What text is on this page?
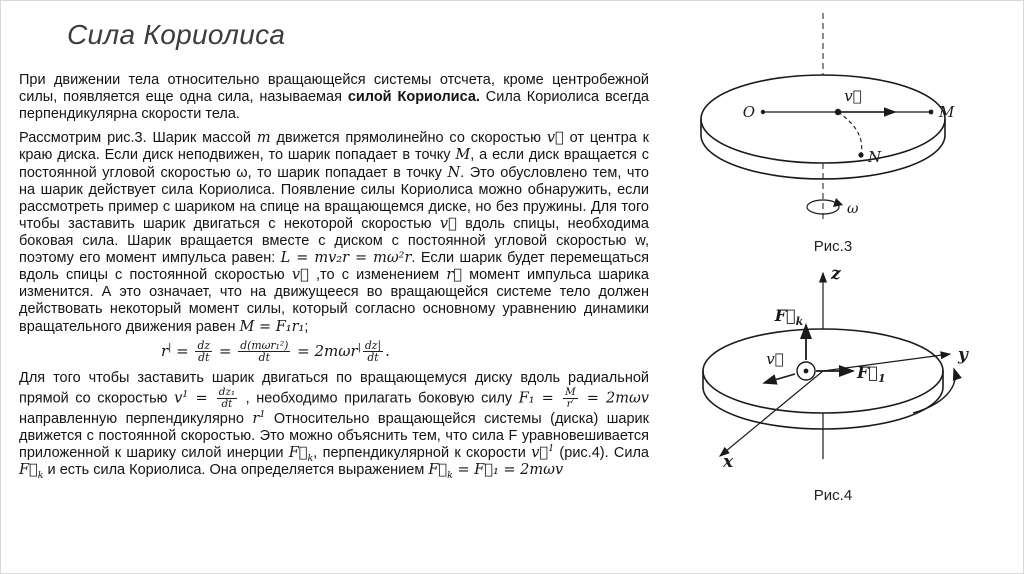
Сила Кориолиса

При движении тела относительно вращающейся системы отсчета, кроме центробежной силы, появляется еще одна сила, называемая силой Кориолиса. Сила Кориолиса всегда перпендикулярна скорости тела.

Рассмотрим рис.3. Шарик массой m движется прямолинейно со скоростью v⃗ от центра к краю диска. Если диск неподвижен, то шарик попадает в точку M, а если диск вращается с постоянной угловой скоростью ω, то шарик попадает в точку N. Это обусловлено тем, что на шарик действует сила Кориолиса. Появление силы Кориолиса можно обнаружить, если рассмотреть пример с шариком на спице на вращающемся диске, но без пружины. Для того чтобы заставить шарик двигаться с некоторой скоростью v⃗ вдоль спицы, необходима боковая сила. Шарик вращается вместе с диском с постоянной угловой скоростью w, поэтому его момент импульса равен: L = mv₂r = mω²r. Если шарик будет перемещаться вдоль спицы с постоянной скоростью v⃗ ,то с изменением r⃗ момент импульса шарика изменится. А это означает, что на движущееся во вращающейся системе тело должен действовать некоторый момент силы, который согласно основному уравнению динамики вращательного движения равен M = F₁r₁;

$r^| = \frac{dz}{dt} = \frac{\text{d(mωr₁²)}}{dt} = 2m\omega r^| \frac{dz|}{dt}$ .

Для того чтобы заставить шарик двигаться по вращающемуся диску вдоль радиальной прямой со скоростью $v^1 = \frac{\text{dz₁}}{dt}$ , необходимо прилагать боковую силу $F_1 = \frac{M}{r'} = 2m\omega v$ направленную перпендикулярно $r^1$ Относительно вращающейся системы (диска) шарик движется с постоянной скоростью. Это можно объяснить тем, что сила F уравновешивается приложенной к шарику силой инерции $F⃗_k$, перпендикулярной к скорости v⃗$^1$ (рис.4). Сила $F⃗_k$ и есть сила Кориолиса. Она определяется выражением $F⃗_k$ = F⃗₁ = 2mωv

O	M
N
v⃗
ω
Рис.3
z
y
x
$F⃗_k$
$F⃗_1$
v⃗
Рис.4
